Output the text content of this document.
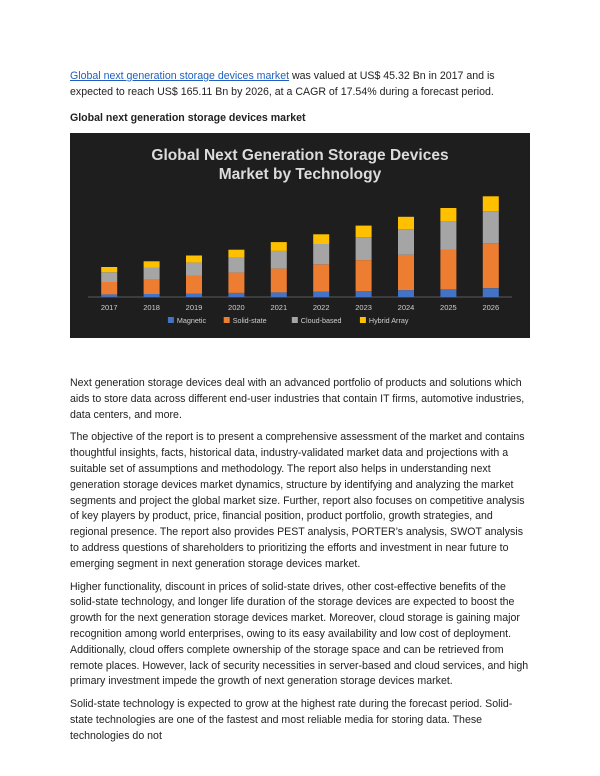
Global next generation storage devices market was valued at US$ 45.32 Bn in 2017 and is expected to reach US$ 165.11 Bn by 2026, at a CAGR of 17.54% during a forecast period.

Global next generation storage devices market

Global Next Generation Storage Devices
Market by Technology
2017	2018	2019	2020	2021	2022	2023	2024	2025	2026
Magnetic	Solid-state	Cloud-based	Hybrid Array

Next generation storage devices deal with an advanced portfolio of products and solutions which aids to store data across different end-user industries that contain IT firms, automotive industries, data centers, and more.

The objective of the report is to present a comprehensive assessment of the market and contains thoughtful insights, facts, historical data, industry-validated market data and projections with a suitable set of assumptions and methodology. The report also helps in understanding next generation storage devices market dynamics, structure by identifying and analyzing the market segments and project the global market size. Further, report also focuses on competitive analysis of key players by product, price, financial position, product portfolio, growth strategies, and regional presence. The report also provides PEST analysis, PORTER’s analysis, SWOT analysis to address questions of shareholders to prioritizing the efforts and investment in near future to emerging segment in next generation storage devices market.

Higher functionality, discount in prices of solid-state drives, other cost-effective benefits of the solid-state technology, and longer life duration of the storage devices are expected to boost the growth for the next generation storage devices market. Moreover, cloud storage is gaining major recognition among world enterprises, owing to its easy availability and low cost of deployment. Additionally, cloud offers complete ownership of the storage space and can be retrieved from remote places. However, lack of security necessities in server-based and cloud services, and high primary investment impede the growth of next generation storage devices market.

Solid-state technology is expected to grow at the highest rate during the forecast period. Solid-state technologies are one of the fastest and most reliable media for storing data. These technologies do not
